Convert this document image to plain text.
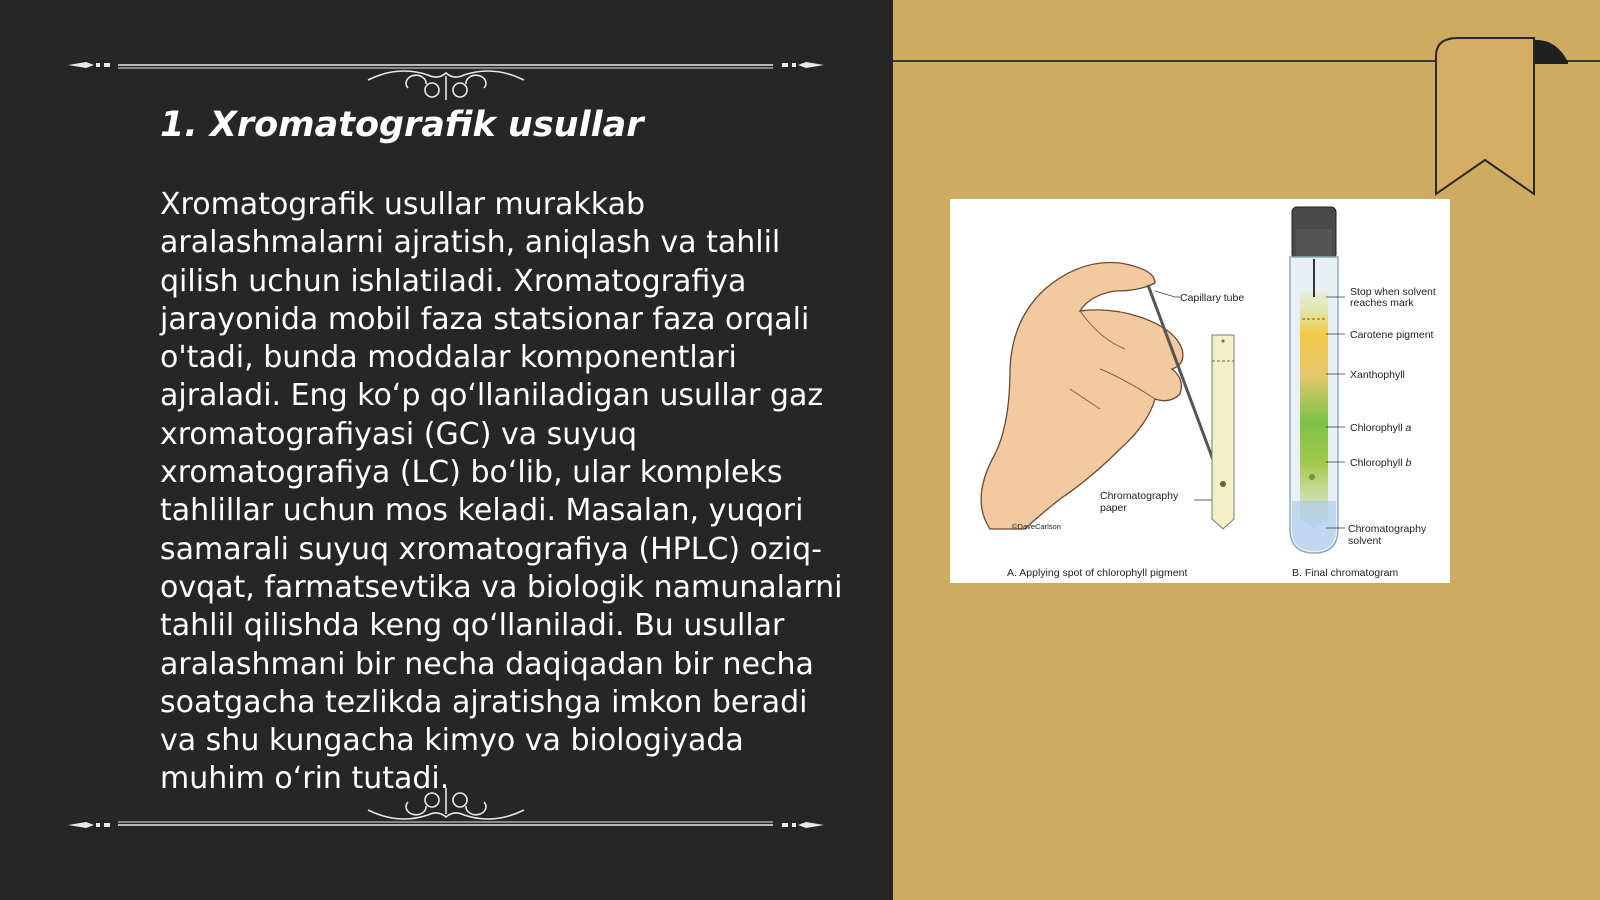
1. Xromatografik usullar

Xromatografik usullar murakkab aralashmalarni ajratish, aniqlash va tahlil qilish uchun ishlatiladi. Xromatografiya jarayonida mobil faza statsionar faza orqali o'tadi, bunda moddalar komponentlari ajraladi. Eng ko‘p qo‘llaniladigan usullar gaz xromatografiyasi (GC) va suyuq xromatografiya (LC) bo‘lib, ular kompleks tahlillar uchun mos keladi. Masalan, yuqori samarali suyuq xromatografiya (HPLC) oziq-ovqat, farmatsevtika va biologik namunalarni tahlil qilishda keng qo‘llaniladi. Bu usullar aralashmani bir necha daqiqadan bir necha soatgacha tezlikda ajratishga imkon beradi va shu kungacha kimyo va biologiyada muhim o‘rin tutadi.

Capillary tube
Chromatography
paper
©DaveCarlson
Stop when solvent
reaches mark
Carotene pigment
Xanthophyll
Chlorophyll a
Chlorophyll b
Chromatography
solvent
A. Applying spot of chlorophyll pigment	B. Final chromatogram
